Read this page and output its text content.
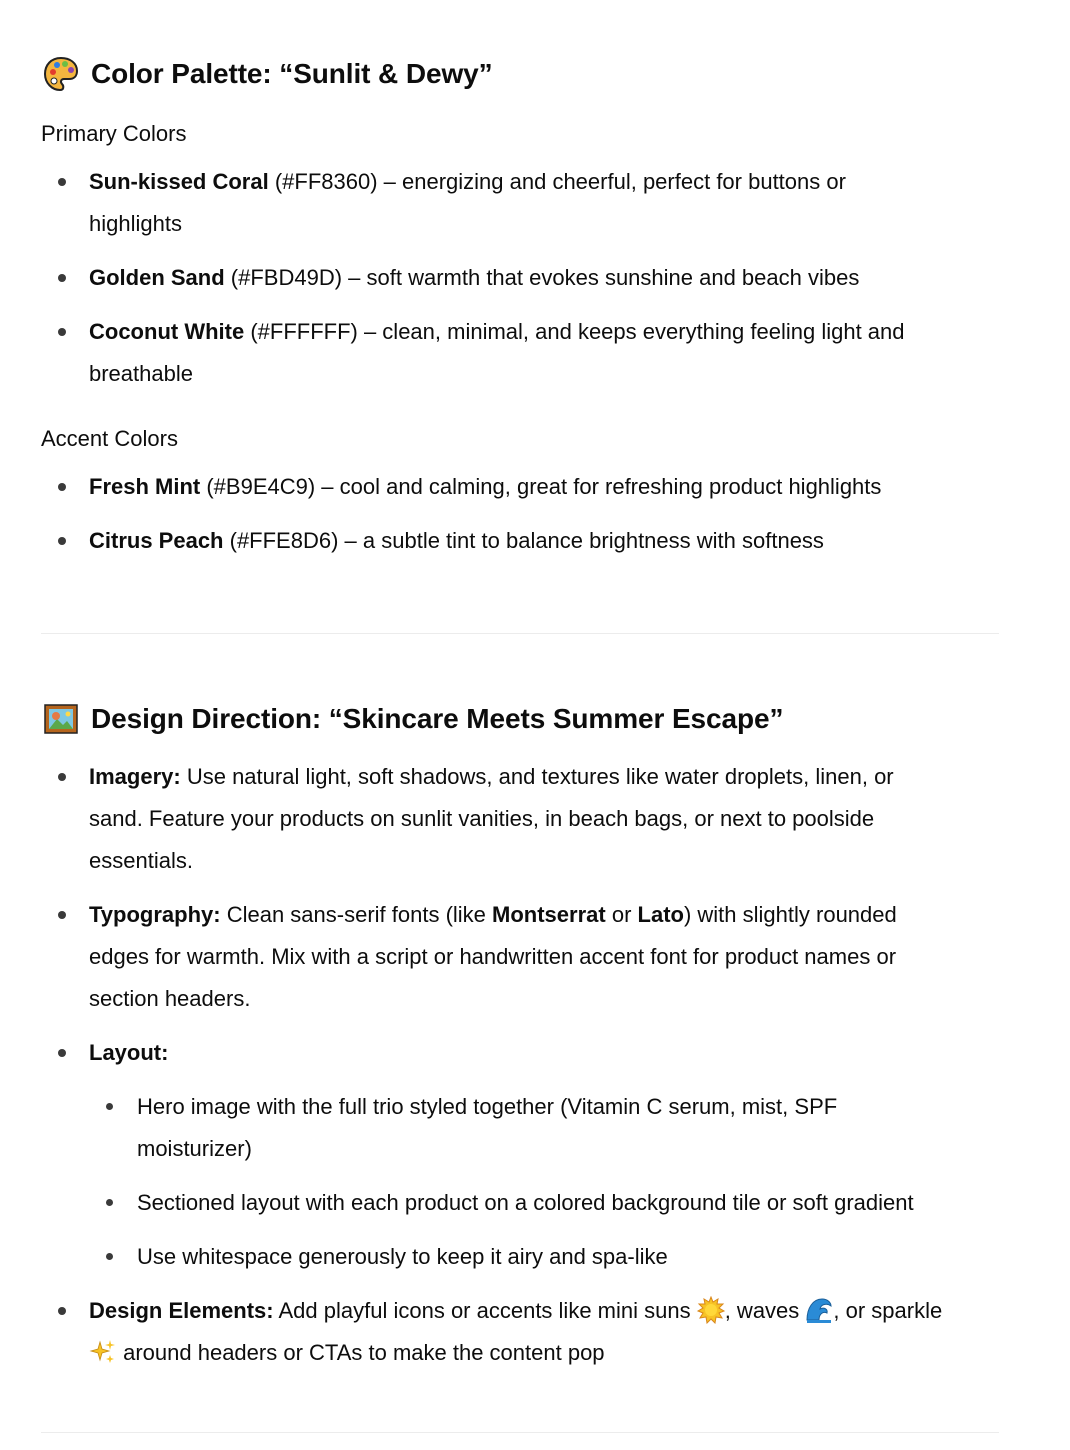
Color Palette: “Sunlit & Dewy”
Primary Colors
Sun-kissed Coral (#FF8360) – energizing and cheerful, perfect for buttons or
highlights
Golden Sand (#FBD49D) – soft warmth that evokes sunshine and beach vibes
Coconut White (#FFFFFF) – clean, minimal, and keeps everything feeling light and
breathable
Accent Colors
Fresh Mint (#B9E4C9) – cool and calming, great for refreshing product highlights
Citrus Peach (#FFE8D6) – a subtle tint to balance brightness with softness
Design Direction: “Skincare Meets Summer Escape”
Imagery: Use natural light, soft shadows, and textures like water droplets, linen, or
sand. Feature your products on sunlit vanities, in beach bags, or next to poolside
essentials.
Typography: Clean sans-serif fonts (like Montserrat or Lato) with slightly rounded
edges for warmth. Mix with a script or handwritten accent font for product names or
section headers.
Layout:
Hero image with the full trio styled together (Vitamin C serum, mist, SPF
moisturizer)
Sectioned layout with each product on a colored background tile or soft gradient
Use whitespace generously to keep it airy and spa-like
Design Elements: Add playful icons or accents like mini suns , waves , or sparkle
around headers or CTAs to make the content pop
